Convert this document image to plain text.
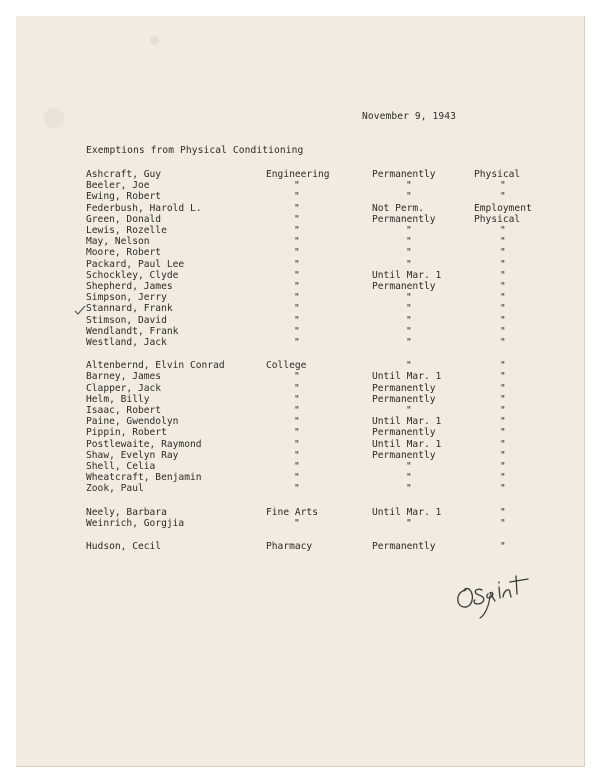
November 9, 1943
Exemptions from Physical Conditioning
Ashcraft, Guy	Engineering	Permanently	Physical
Beeler, Joe	"	"	"
Ewing, Robert	"	"	"
Federbush, Harold L.	"	Not Perm.	Employment
Green, Donald	"	Permanently	Physical
Lewis, Rozelle	"	"	"
May, Nelson	"	"	"
Moore, Robert	"	"	"
Packard, Paul Lee	"	"	"
Schockley, Clyde	"	Until Mar. 1	"
Shepherd, James	"	Permanently	"
Simpson, Jerry	"	"	"
Stannard, Frank	"	"	"
Stimson, David	"	"	"
Wendlandt, Frank	"	"	"
Westland, Jack	"	"	"
Altenbernd, Elvin Conrad	College	"	"
Barney, James	"	Until Mar. 1	"
Clapper, Jack	"	Permanently	"
Helm, Billy	"	Permanently	"
Isaac, Robert	"	"	"
Paine, Gwendolyn	"	Until Mar. 1	"
Pippin, Robert	"	Permanently	"
Postlewaite, Raymond	"	Until Mar. 1	"
Shaw, Evelyn Ray	"	Permanently	"
Shell, Celia	"	"	"
Wheatcraft, Benjamin	"	"	"
Zook, Paul	"	"	"
Neely, Barbara	Fine Arts	Until Mar. 1	"
Weinrich, Gorgjia	"	"	"
Hudson, Cecil	Pharmacy	Permanently	"
